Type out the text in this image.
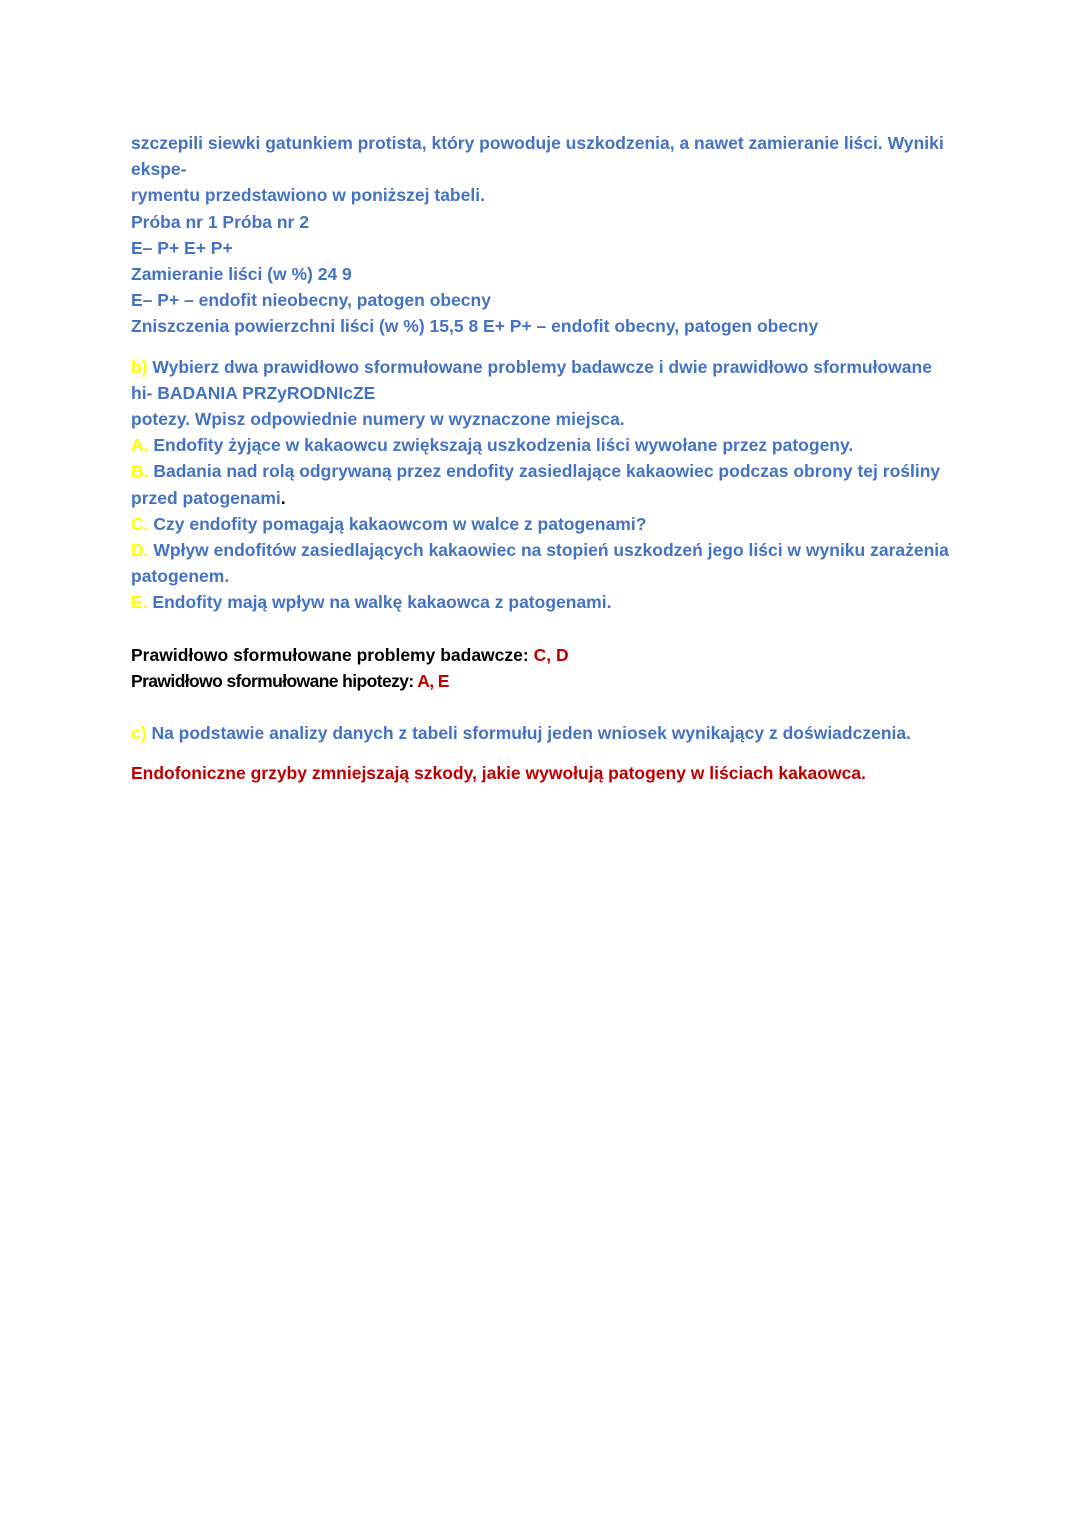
szczepili siewki gatunkiem protista, który powoduje uszkodzenia, a nawet zamieranie liści. Wyniki

ekspe-

rymentu przedstawiono w poniższej tabeli.

Próba nr 1 Próba nr 2

E– P+ E+ P+

Zamieranie liści (w %) 24 9

E– P+ – endofit nieobecny, patogen obecny

Zniszczenia powierzchni liści (w %) 15,5 8 E+ P+ – endofit obecny, patogen obecny

b) Wybierz dwa prawidłowo sformułowane problemy badawcze i dwie prawidłowo sformułowane

hi- BADANIA PRZyRODNIcZE

potezy. Wpisz odpowiednie numery w wyznaczone miejsca.

A. Endofity żyjące w kakaowcu zwiększają uszkodzenia liści wywołane przez patogeny.

B. Badania nad rolą odgrywaną przez endofity zasiedlające kakaowiec podczas obrony tej rośliny

przed patogenami.

C. Czy endofity pomagają kakaowcom w walce z patogenami?

D. Wpływ endofitów zasiedlających kakaowiec na stopień uszkodzeń jego liści w wyniku zarażenia

patogenem.

E. Endofity mają wpływ na walkę kakaowca z patogenami.

Prawidłowo sformułowane problemy badawcze: C, D

Prawidłowo sformułowane hipotezy: A, E

c) Na podstawie analizy danych z tabeli sformułuj jeden wniosek wynikający z doświadczenia.

Endofoniczne grzyby zmniejszają szkody, jakie wywołują patogeny w liściach kakaowca.
